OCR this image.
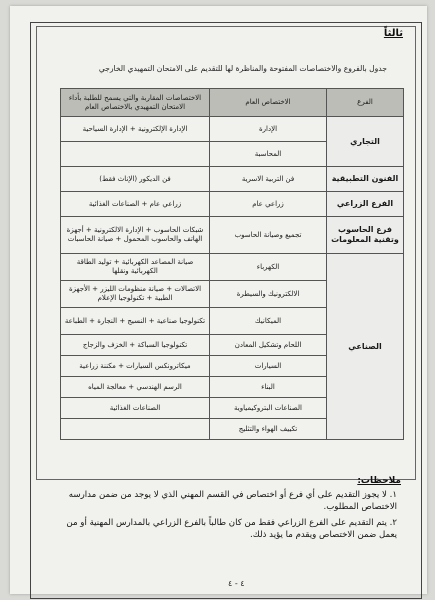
ثالثاً
جدول بالفروع والاختصاصات المفتوحة والمناظرة لها للتقديم على الامتحان التمهيدي الخارجي
الفرع	الاختصاص العام	الاختصاصات المقاربة والتي يسمح للطلبة بأداء الامتحان التمهيدي بالاختصاص العام
التجاري	الإدارة	الإدارة الإلكترونية + الإدارة السياحية
	المحاسبة	
الفنون التطبيقية	فن التربية الاسرية	فن الديكور (الإناث فقط)
الفرع الزراعي	زراعي عام	زراعي عام + الصناعات الغذائية
فرع الحاسوب وتقنية المعلومات	تجميع وصيانة الحاسوب	شبكات الحاسوب + الإدارة الالكترونية + أجهزة الهاتف والحاسوب المحمول + صيانة الحاسبات
الصناعي	الكهرباء	صيانة المصاعد الكهربائية + توليد الطاقة الكهربائية ونقلها
	الالكترونيك والسيطرة	الاتصالات + صيانة منظومات الليزر + الأجهزة الطبية + تكنولوجيا الإعلام
	الميكانيك	تكنولوجيا صناعية + النسيج + النجارة + الطباعة
	اللحام وتشكيل المعادن	تكنولوجيا السباكة + الخزف والزجاج
	السيارات	ميكاترونكس السيارات + مكننة زراعية
	البناء	الرسم الهندسي + معالجة المياه
	الصناعات البتروكيمياوية	الصناعات الغذائية
	تكييف الهواء والتثليج	
ملاحظات:
١. لا يجوز التقديم على أي فرع أو اختصاص في القسم المهني الذي لا يوجد من ضمن مدارسه الاختصاص المطلوب.
٢. يتم التقديم على الفرع الزراعي فقط من كان طالباً بالفرع الزراعي بالمدارس المهنية أو من يعمل ضمن الاختصاص ويقدم ما يؤيد ذلك.
٤ - ٤
